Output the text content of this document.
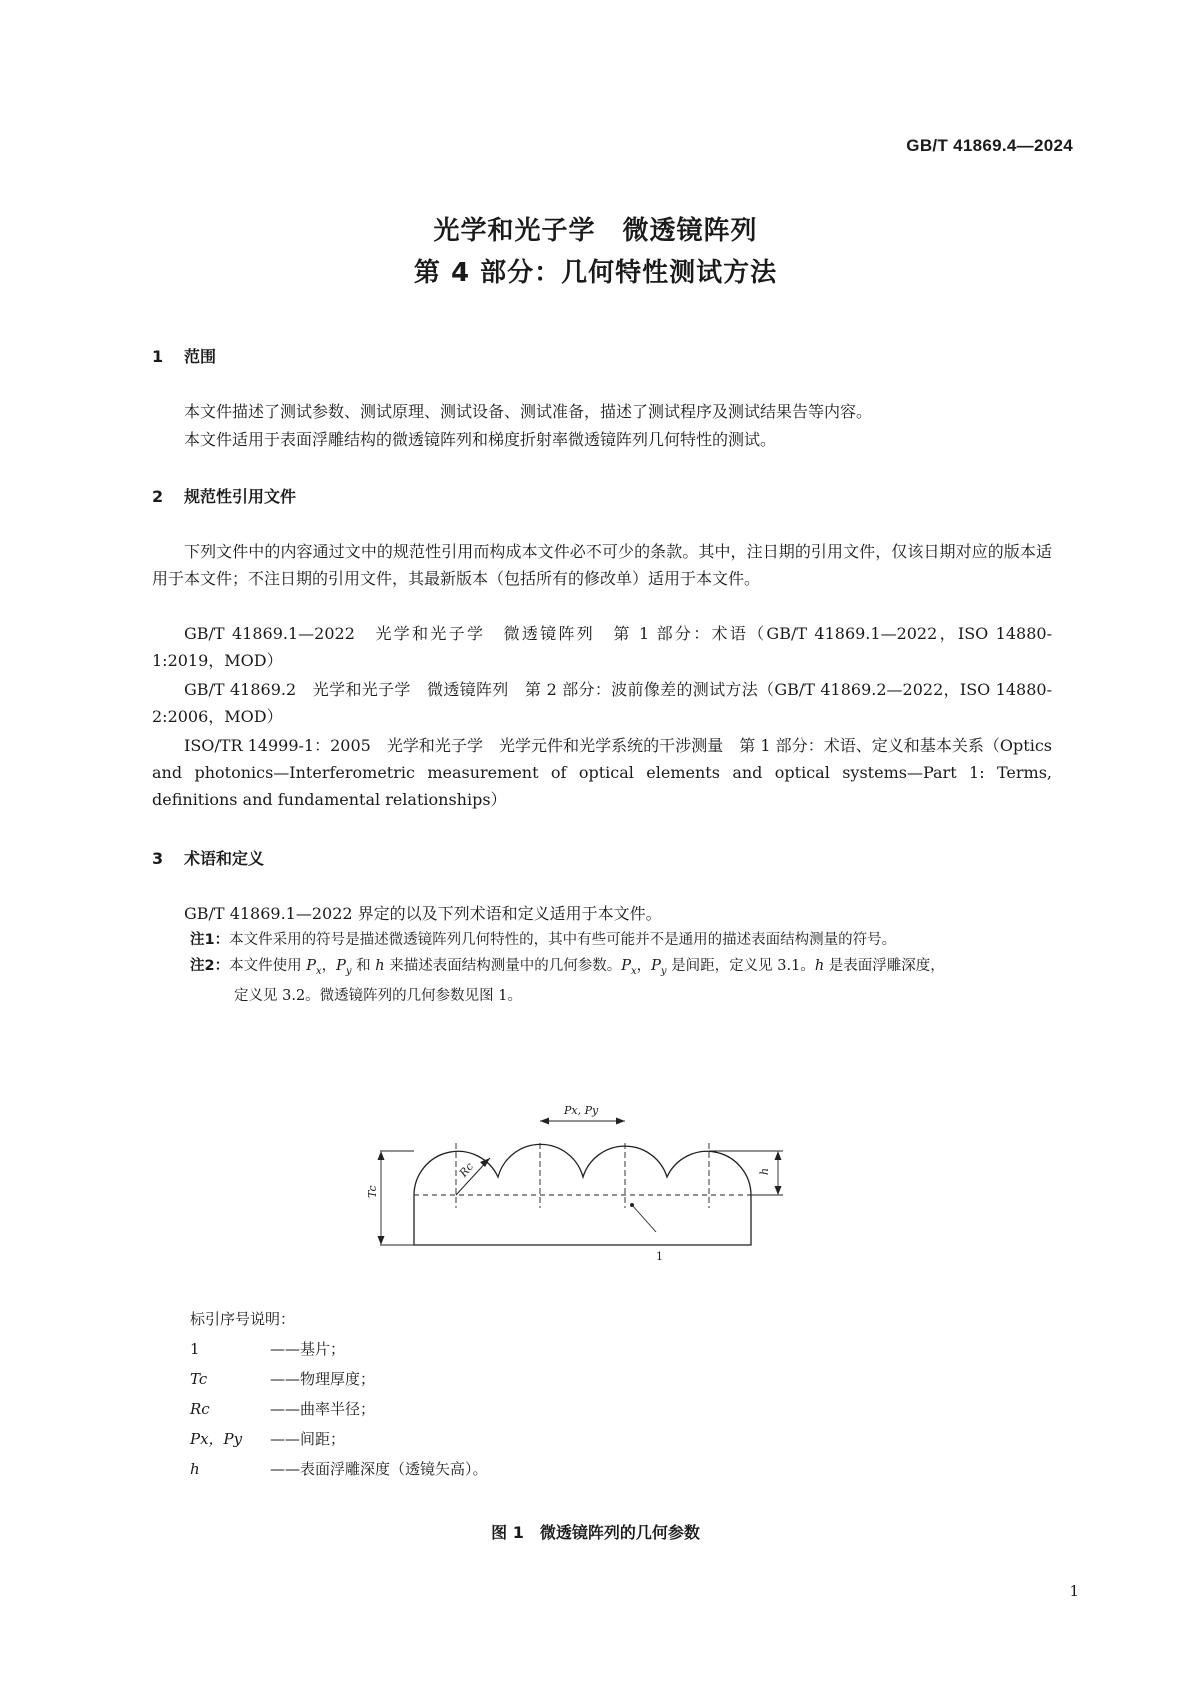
GB/T 41869.4—2024
光学和光子学　微透镜阵列
第 4 部分：几何特性测试方法
1 范围
本文件描述了测试参数、测试原理、测试设备、测试准备，描述了测试程序及测试结果告等内容。
本文件适用于表面浮雕结构的微透镜阵列和梯度折射率微透镜阵列几何特性的测试。
2 规范性引用文件
下列文件中的内容通过文中的规范性引用而构成本文件必不可少的条款。其中，注日期的引用文件，仅该日期对应的版本适用于本文件；不注日期的引用文件，其最新版本（包括所有的修改单）适用于本文件。
GB/T 41869.1—2022　光学和光子学　微透镜阵列　第 1 部分：术语（GB/T 41869.1—2022，ISO 14880-1:2019，MOD）
GB/T 41869.2　光学和光子学　微透镜阵列　第 2 部分：波前像差的测试方法（GB/T 41869.2—2022，ISO 14880-2:2006，MOD）
ISO/TR 14999-1：2005　光学和光子学　光学元件和光学系统的干涉测量　第 1 部分：术语、定义和基本关系（Optics and photonics—Interferometric measurement of optical elements and optical systems—Part 1: Terms, definitions and fundamental relationships）
3 术语和定义
GB/T 41869.1—2022 界定的以及下列术语和定义适用于本文件。
注1：本文件采用的符号是描述微透镜阵列几何特性的，其中有些可能并不是通用的描述表面结构测量的符号。
注2：本文件使用 $P_x$，$P_y$ 和 h 来描述表面结构测量中的几何参数。$P_x$，$P_y$ 是间距，定义见 3.1。h 是表面浮雕深度，
定义见 3.2。微透镜阵列的几何参数见图 1。
Px, Py
h
Tc
Rc
1
标引序号说明：
1	——基片；
Tc	——物理厚度；
Rc	——曲率半径；
Px，Py ——间距；
h	——表面浮雕深度（透镜矢高）。
图 1　微透镜阵列的几何参数
1
